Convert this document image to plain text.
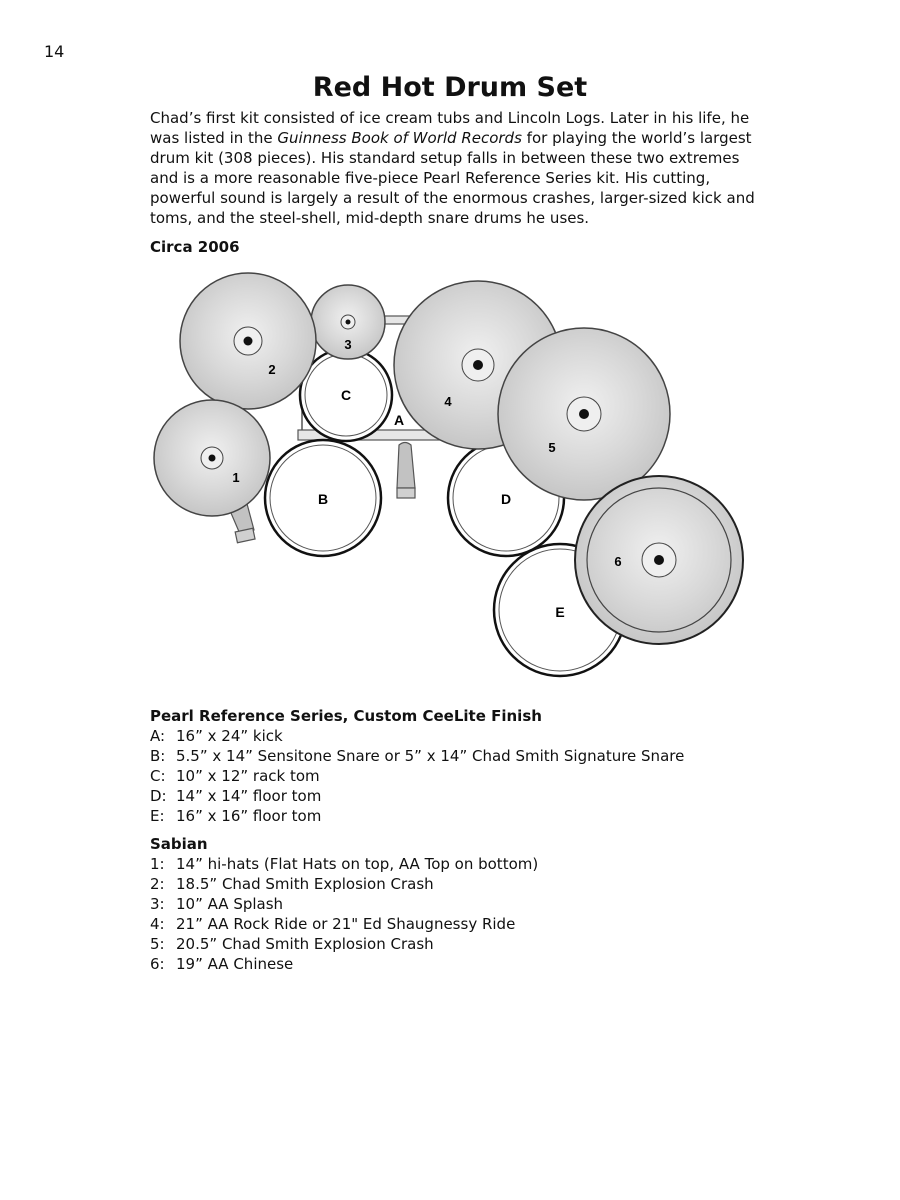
14
Red Hot Drum Set

Chad’s first kit consisted of ice cream tubs and Lincoln Logs. Later in his life, he was listed in the Guinness Book of World Records for playing the world’s largest drum kit (308 pieces). His standard setup falls in between these two extremes and is a more reasonable five-piece Pearl Reference Series kit. His cutting, powerful sound is largely a result of the enormous crashes, larger-sized kick and toms, and the steel-shell, mid-depth snare drums he uses.

Circa 2006

A
C
B	D
E
3
2
1
4
5
6
Pearl Reference Series, Custom CeeLite Finish
A: 16” x 24” kick
B: 5.5” x 14” Sensitone Snare or 5” x 14” Chad Smith Signature Snare
C: 10” x 12” rack tom
D: 14” x 14” floor tom
E: 16” x 16” floor tom
Sabian
1: 14” hi-hats (Flat Hats on top, AA Top on bottom)
2: 18.5” Chad Smith Explosion Crash
3: 10” AA Splash
4: 21” AA Rock Ride or 21" Ed Shaugnessy Ride
5: 20.5” Chad Smith Explosion Crash
6: 19” AA Chinese
